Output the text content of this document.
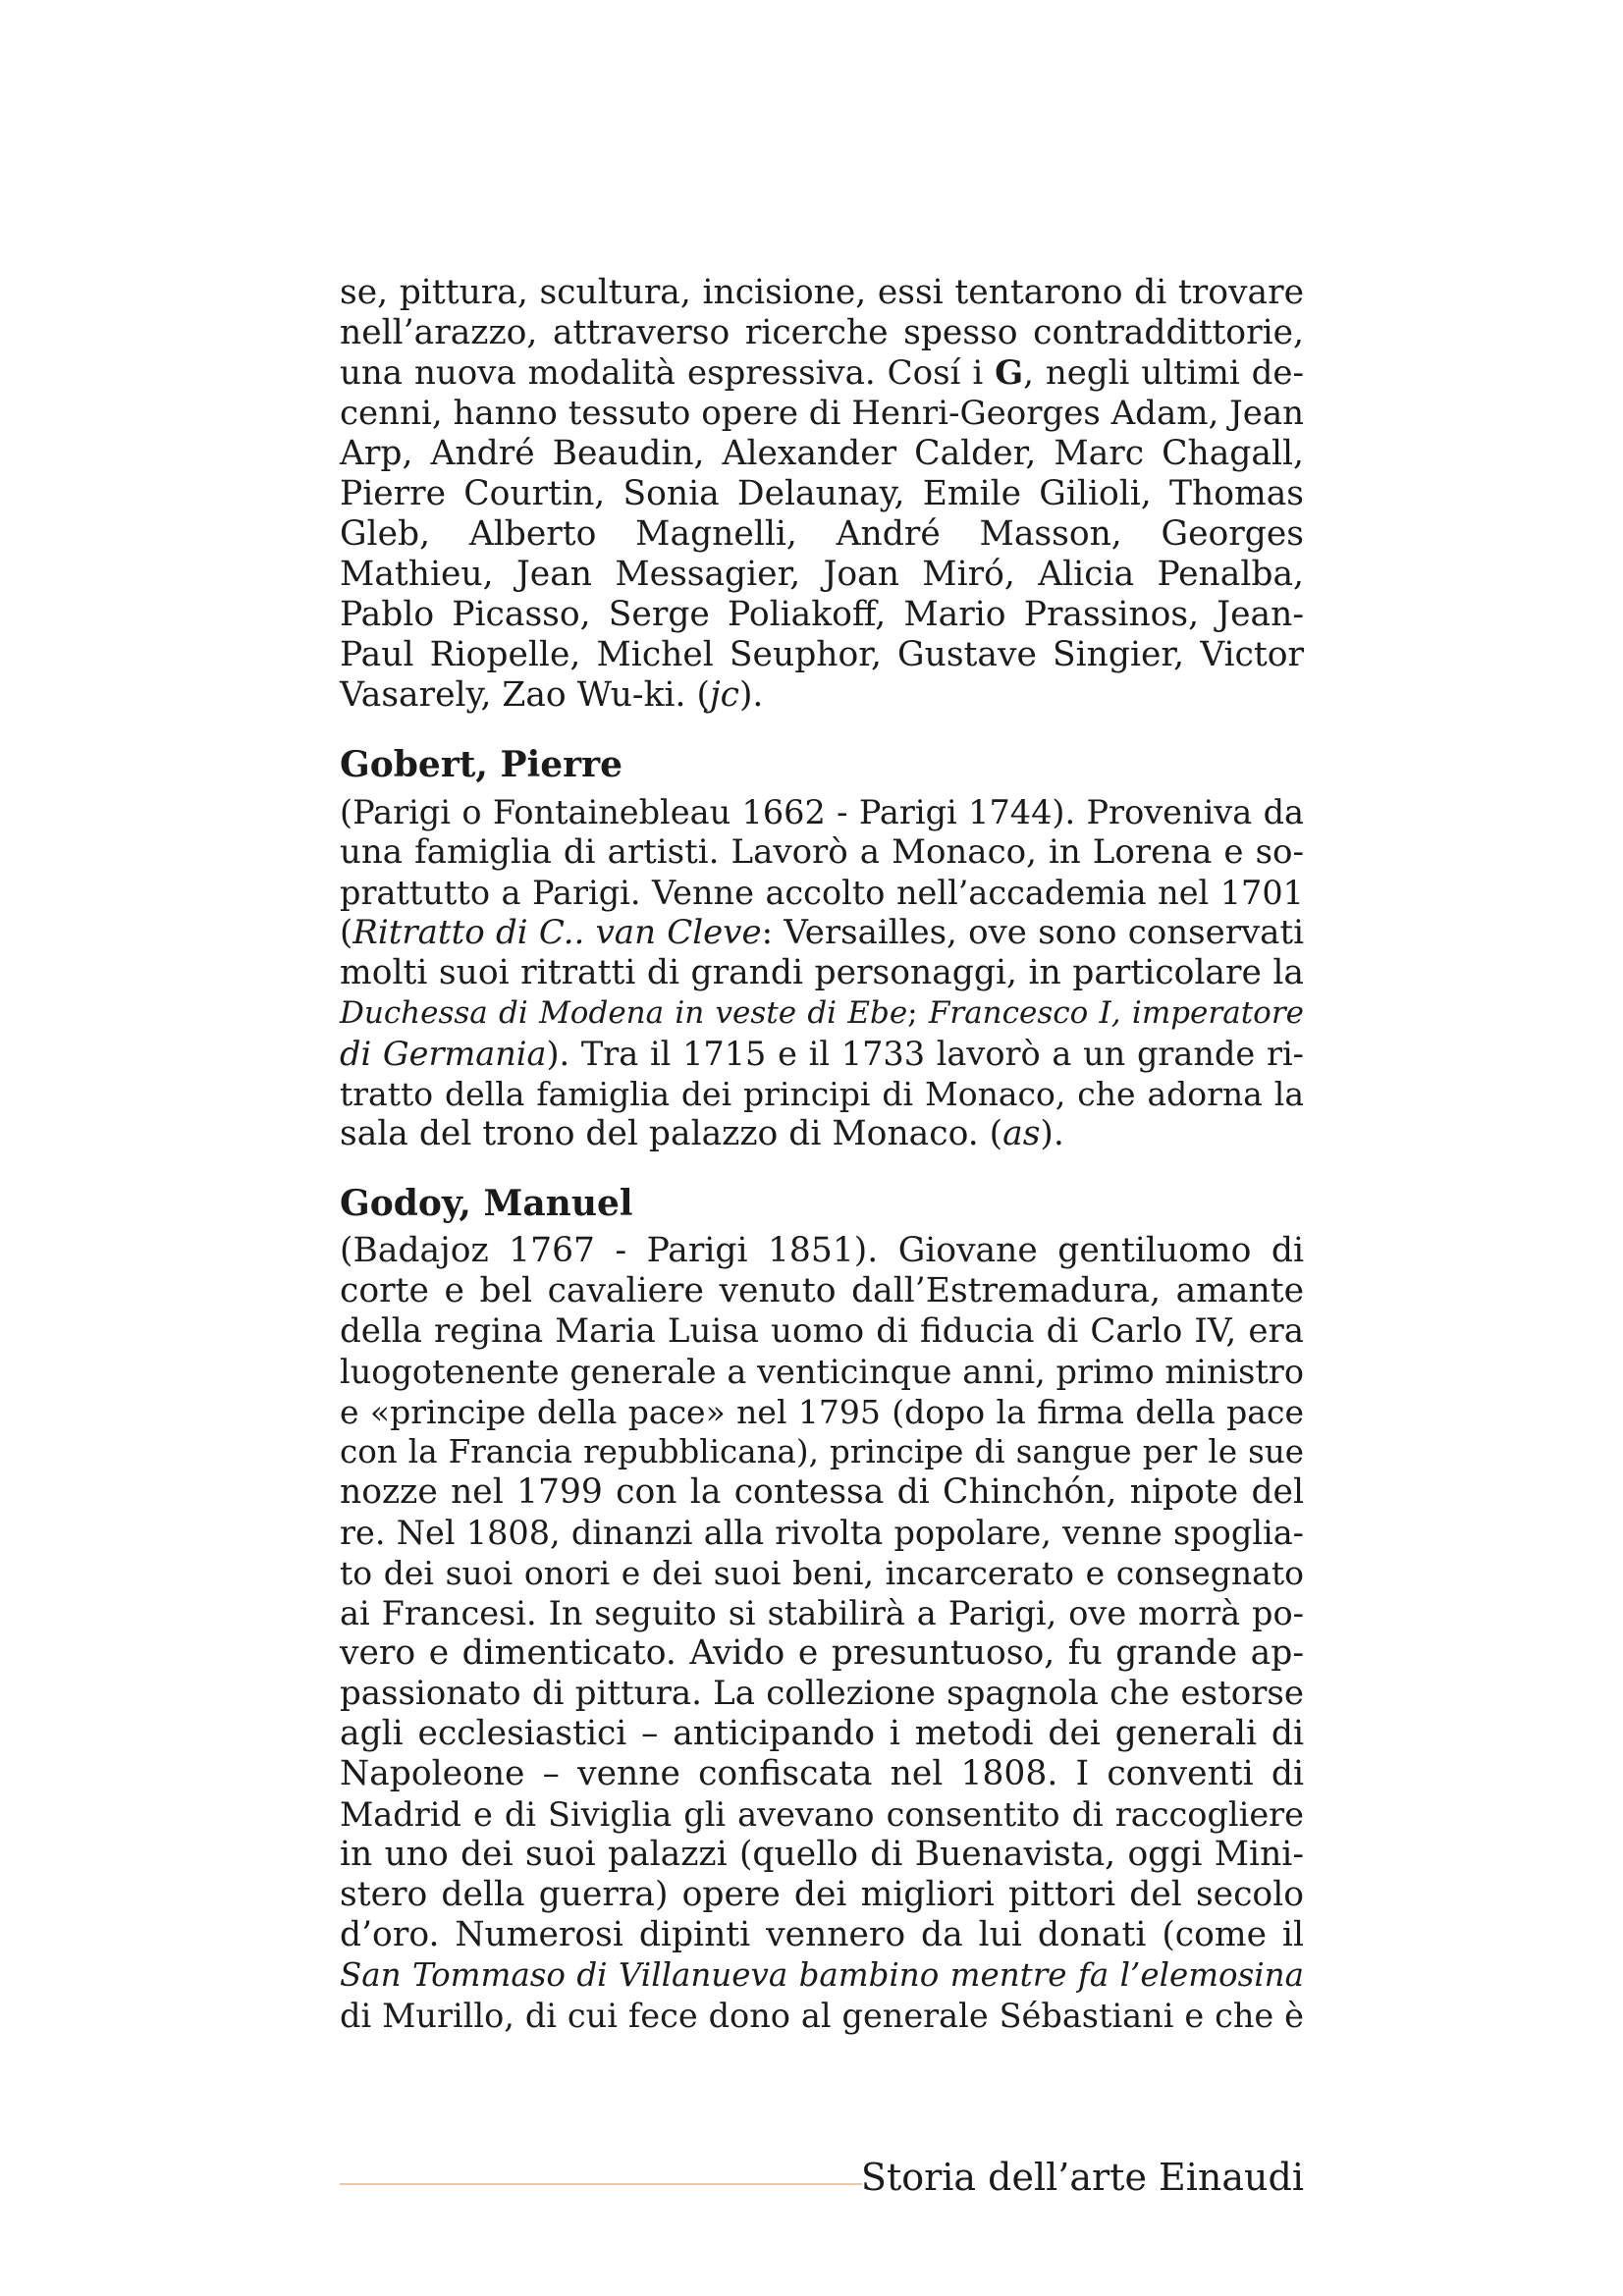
se, pittura, scultura, incisione, essi tentarono di trovare
nell’arazzo, attraverso ricerche spesso contraddittorie,
una nuova modalità espressiva. Cosí i G, negli ultimi de-
cenni, hanno tessuto opere di Henri-Georges Adam, Jean
Arp, André Beaudin, Alexander Calder, Marc Chagall,
Pierre Courtin, Sonia Delaunay, Emile Gilioli, Thomas
Gleb, Alberto Magnelli, André Masson, Georges
Mathieu, Jean Messagier, Joan Miró, Alicia Penalba,
Pablo Picasso, Serge Poliakoff, Mario Prassinos, Jean-
Paul Riopelle, Michel Seuphor, Gustave Singier, Victor
Vasarely, Zao Wu-ki. (jc).
Gobert, Pierre
(Parigi o Fontainebleau 1662 - Parigi 1744). Proveniva da
una famiglia di artisti. Lavorò a Monaco, in Lorena e so-
prattutto a Parigi. Venne accolto nell’accademia nel 1701
(Ritratto di C.. van Cleve: Versailles, ove sono conservati
molti suoi ritratti di grandi personaggi, in particolare la
Duchessa di Modena in veste di Ebe; Francesco I, imperatore
di Germania). Tra il 1715 e il 1733 lavorò a un grande ri-
tratto della famiglia dei principi di Monaco, che adorna la
sala del trono del palazzo di Monaco. (as).
Godoy, Manuel
(Badajoz 1767 - Parigi 1851). Giovane gentiluomo di
corte e bel cavaliere venuto dall’Estremadura, amante
della regina Maria Luisa uomo di fiducia di Carlo IV, era
luogotenente generale a venticinque anni, primo ministro
e «principe della pace» nel 1795 (dopo la firma della pace
con la Francia repubblicana), principe di sangue per le sue
nozze nel 1799 con la contessa di Chinchón, nipote del
re. Nel 1808, dinanzi alla rivolta popolare, venne spoglia-
to dei suoi onori e dei suoi beni, incarcerato e consegnato
ai Francesi. In seguito si stabilirà a Parigi, ove morrà po-
vero e dimenticato. Avido e presuntuoso, fu grande ap-
passionato di pittura. La collezione spagnola che estorse
agli ecclesiastici – anticipando i metodi dei generali di
Napoleone – venne confiscata nel 1808. I conventi di
Madrid e di Siviglia gli avevano consentito di raccogliere
in uno dei suoi palazzi (quello di Buenavista, oggi Mini-
stero della guerra) opere dei migliori pittori del secolo
d’oro. Numerosi dipinti vennero da lui donati (come il
San Tommaso di Villanueva bambino mentre fa l’elemosina
di Murillo, di cui fece dono al generale Sébastiani e che è
Storia dell’arte Einaudi
